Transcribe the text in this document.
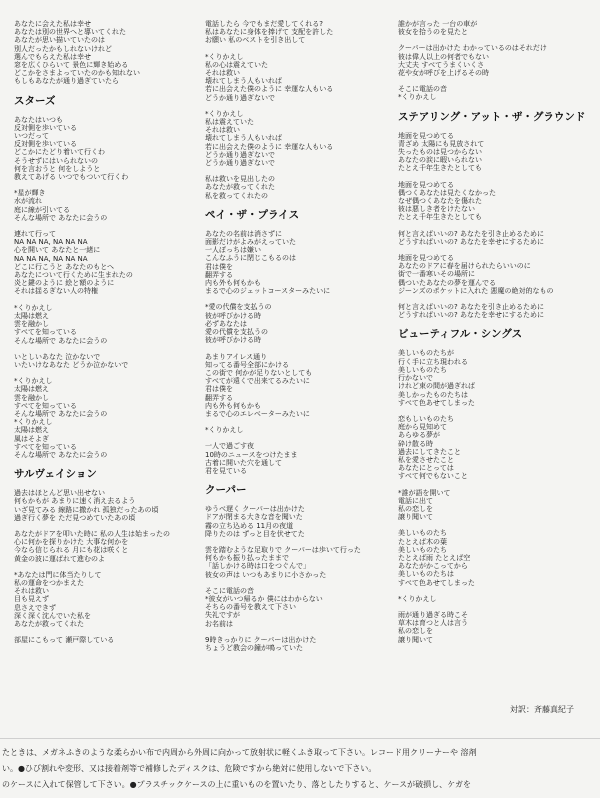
あなたに会えた私は幸せ
あなたは別の世界へと導いてくれた
あなたが思い描いていたのは
別人だったかもしれないけれど
選んでもらえた私は幸せ
窓を広くひらいて 景色に輝き始める
どこかをさまよっていたのかも知れない
もしもあなたが通り過ぎていたら
スターズ
あなたはいつも
反対側を歩いている
いつだって
反対側を歩いている
どこかにたどり着いて行くわ
そうせずにはいられないの
何を言おうと 何をしようと
教えてあげる いつでもついて行くわ
*星が輝き
水が流れ
庭に線が引いてる
そんな場所で あなたに会うの
連れて行って
NA NA NA, NA NA NA
心を開いて あなたと一緒に
NA NA NA, NA NA NA
どこに行こうと あなたのもとへ
あなたについて行くために生まれたの
炎と鍵のように 絵と額のように
それは揺るぎない人の特権
*くりかえし
太陽は燃え
雲を融かし
すべてを知っている
そんな場所で あなたに会うの
いとしいあなた 泣かないで
いたいけなあなた どうか泣かないで
*くりかえし
太陽は燃え
雲を融かし
すべてを知っている
そんな場所で あなたに会うの
*くりかえし
太陽は燃え
風はそよぎ
すべてを知っている
そんな場所で あなたに会うの
サルヴェイション
過去はほとんど思い出せない
何もかもが あまりに速く消え去るよう
いざ見てみる 線路に撒かれ 孤独だったあの頃
過ぎ行く夢を ただ見つめていたあの頃
あなたがドアを叩いた時に 私の人生は始まったの
心に何かを探りかけた 大事な何かを
今なら信じられる 月にも花は咲くと
黄金の波に運ばれて進むのよ
*あなたは門に体当たりして
私の運命をつかまえた
それは救い
目も見えず
息さえできず
深く深く沈んでいた私を
あなたが救ってくれた
部屋にこもって 瀬戸際している
電話したら 今でもまだ愛してくれる?
私はあなたに身体を捧げて 支配を許した
お願い 私のベストを引き出して
*くりかえし
私の心は震えていた
それは救い
壊れてしまう人もいれば
若に出会えた僕のように 幸運な人もいる
どうか通り過ぎないで
*くりかえし
私は震えていた
それは救い
壊れてしまう人もいれば
若に出会えた僕のように 幸運な人もいる
どうか通り過ぎないで
どうか通り過ぎないで
私は救いを見出したの
あなたが救ってくれた
私を救ってくれたの
ペイ・ザ・プライス
あなたの名前は消さずに
面影だけがよみがえっていた
一人ぼっちは嫌い
こんなふうに閉じこもるのは
君は僕を
翻弄する
内も外も何もかも
まるで心のジェットコースターみたいに
*愛の代償を支払うの
彼が呼びかける時
必ずあなたは
愛の代償を支払うの
彼が呼びかける時
あまりアイレス通り　
知ってる番号全部にかける
この街で 何かが足りないとしても
すべてが遠くで出来てるみたいに
君は僕を
翻弄する
内も外も何もかも
まるで心のエレベーターみたいに
*くりかえし
一人で過ごす夜
10時のニュースをつけたまま
古着に開いた穴を通して
君を見ている
クーパー
ゆうべ遅く クーパーは出かけた
ドアが閉まる大きな音を聞いた
霧の立ち込める 11月の夜道
降りたのは ずっと目を伏せてた
雲を踏むような足取りで クーパーは歩いて行った
何もかも振り払ったままで
「話しかける時は口をつぐんで」
彼女の声は いつもあまりに小さかった
そこに電話の音
*彼女がいつ帰るか 僕にはわからない
そちらの番号を教えて下さい
失礼ですが
お名前は
9時きっかりに クーパーは出かけた
ちょうど教会の鐘が鳴っていた
誰かが言った 一台の車が
彼女を拾うのを見たと
クーパーは出かけた わかっているのはそれだけ
彼は偉人以上の何者でもない
大丈夫 すべてうまくいくさ
花や女が呼びを上げるその時
そこに電話の音
*くりかえし
ステアリング・アット・ザ・グラウンド
地面を見つめてる
青ざめ 太陽にも見放されて
失ったものは見つからない
あなたの涙に暇いられない
たとえ千年生きたとしても
地面を見つめてる
偶つくあなたは見たくなかった
なぜ偶つくあなたを傷れた
彼は悪しき者をけたない
たとえ千年生きたとしても
何と言えばいいの? あなたを引き止めるために
どうすればいいの? あなたを幸せにするために
地面を見つめてる
あなたのドアに春を届けられたらいいのに
街で一番寒いその場所に
偶ついたあなたの夢を運んでる
ジーンズのポケットに入れた 悪魔の絶対的なもの
何と言えばいいの? あなたを引き止めるために
どうすればいいの? あなたを幸せにするために
ビューティフル・シングス
美しいものたちが
行く手に立ち現われる
美しいものたち
行かないで
けれど束の間が過ぎれば
美しかったものたちは
すべて色あせてしまった
恋もしいものたち
庭から見知めて
あらゆる夢が
砕け散る時
過去にしてきたこと
私を愛させたこと
あなたにとっては
すべて何でもないこと
*誰が語を開いて
電話に出て
私の恋しを
譲り聞いて
美しいものたち
たとえば木の葉
美しいものたち
たとえば雨 たとえば空
あなたがかこってから
美しいものたちは
すべて色あせてしまった
*くりかえし
雨が通り過ぎる時こそ
草木は育つと人は言う
私の恋しを
譲り聞いて
対訳：斉藤真紀子
たときは、メガネふきのような柔らかい布で内周から外周に向かって放射状に軽くふき取って下さい。レコード用クリーナーや 溶剤
い。●ひび割れや変形、又は接着剤等で補修したディスクは、危険ですから絶対に使用しないで下さい。
のケースに入れて保管して下さい。●プラスチックケースの上に重いものを置いたり、落としたりすると、ケースが破損し、ケガを
